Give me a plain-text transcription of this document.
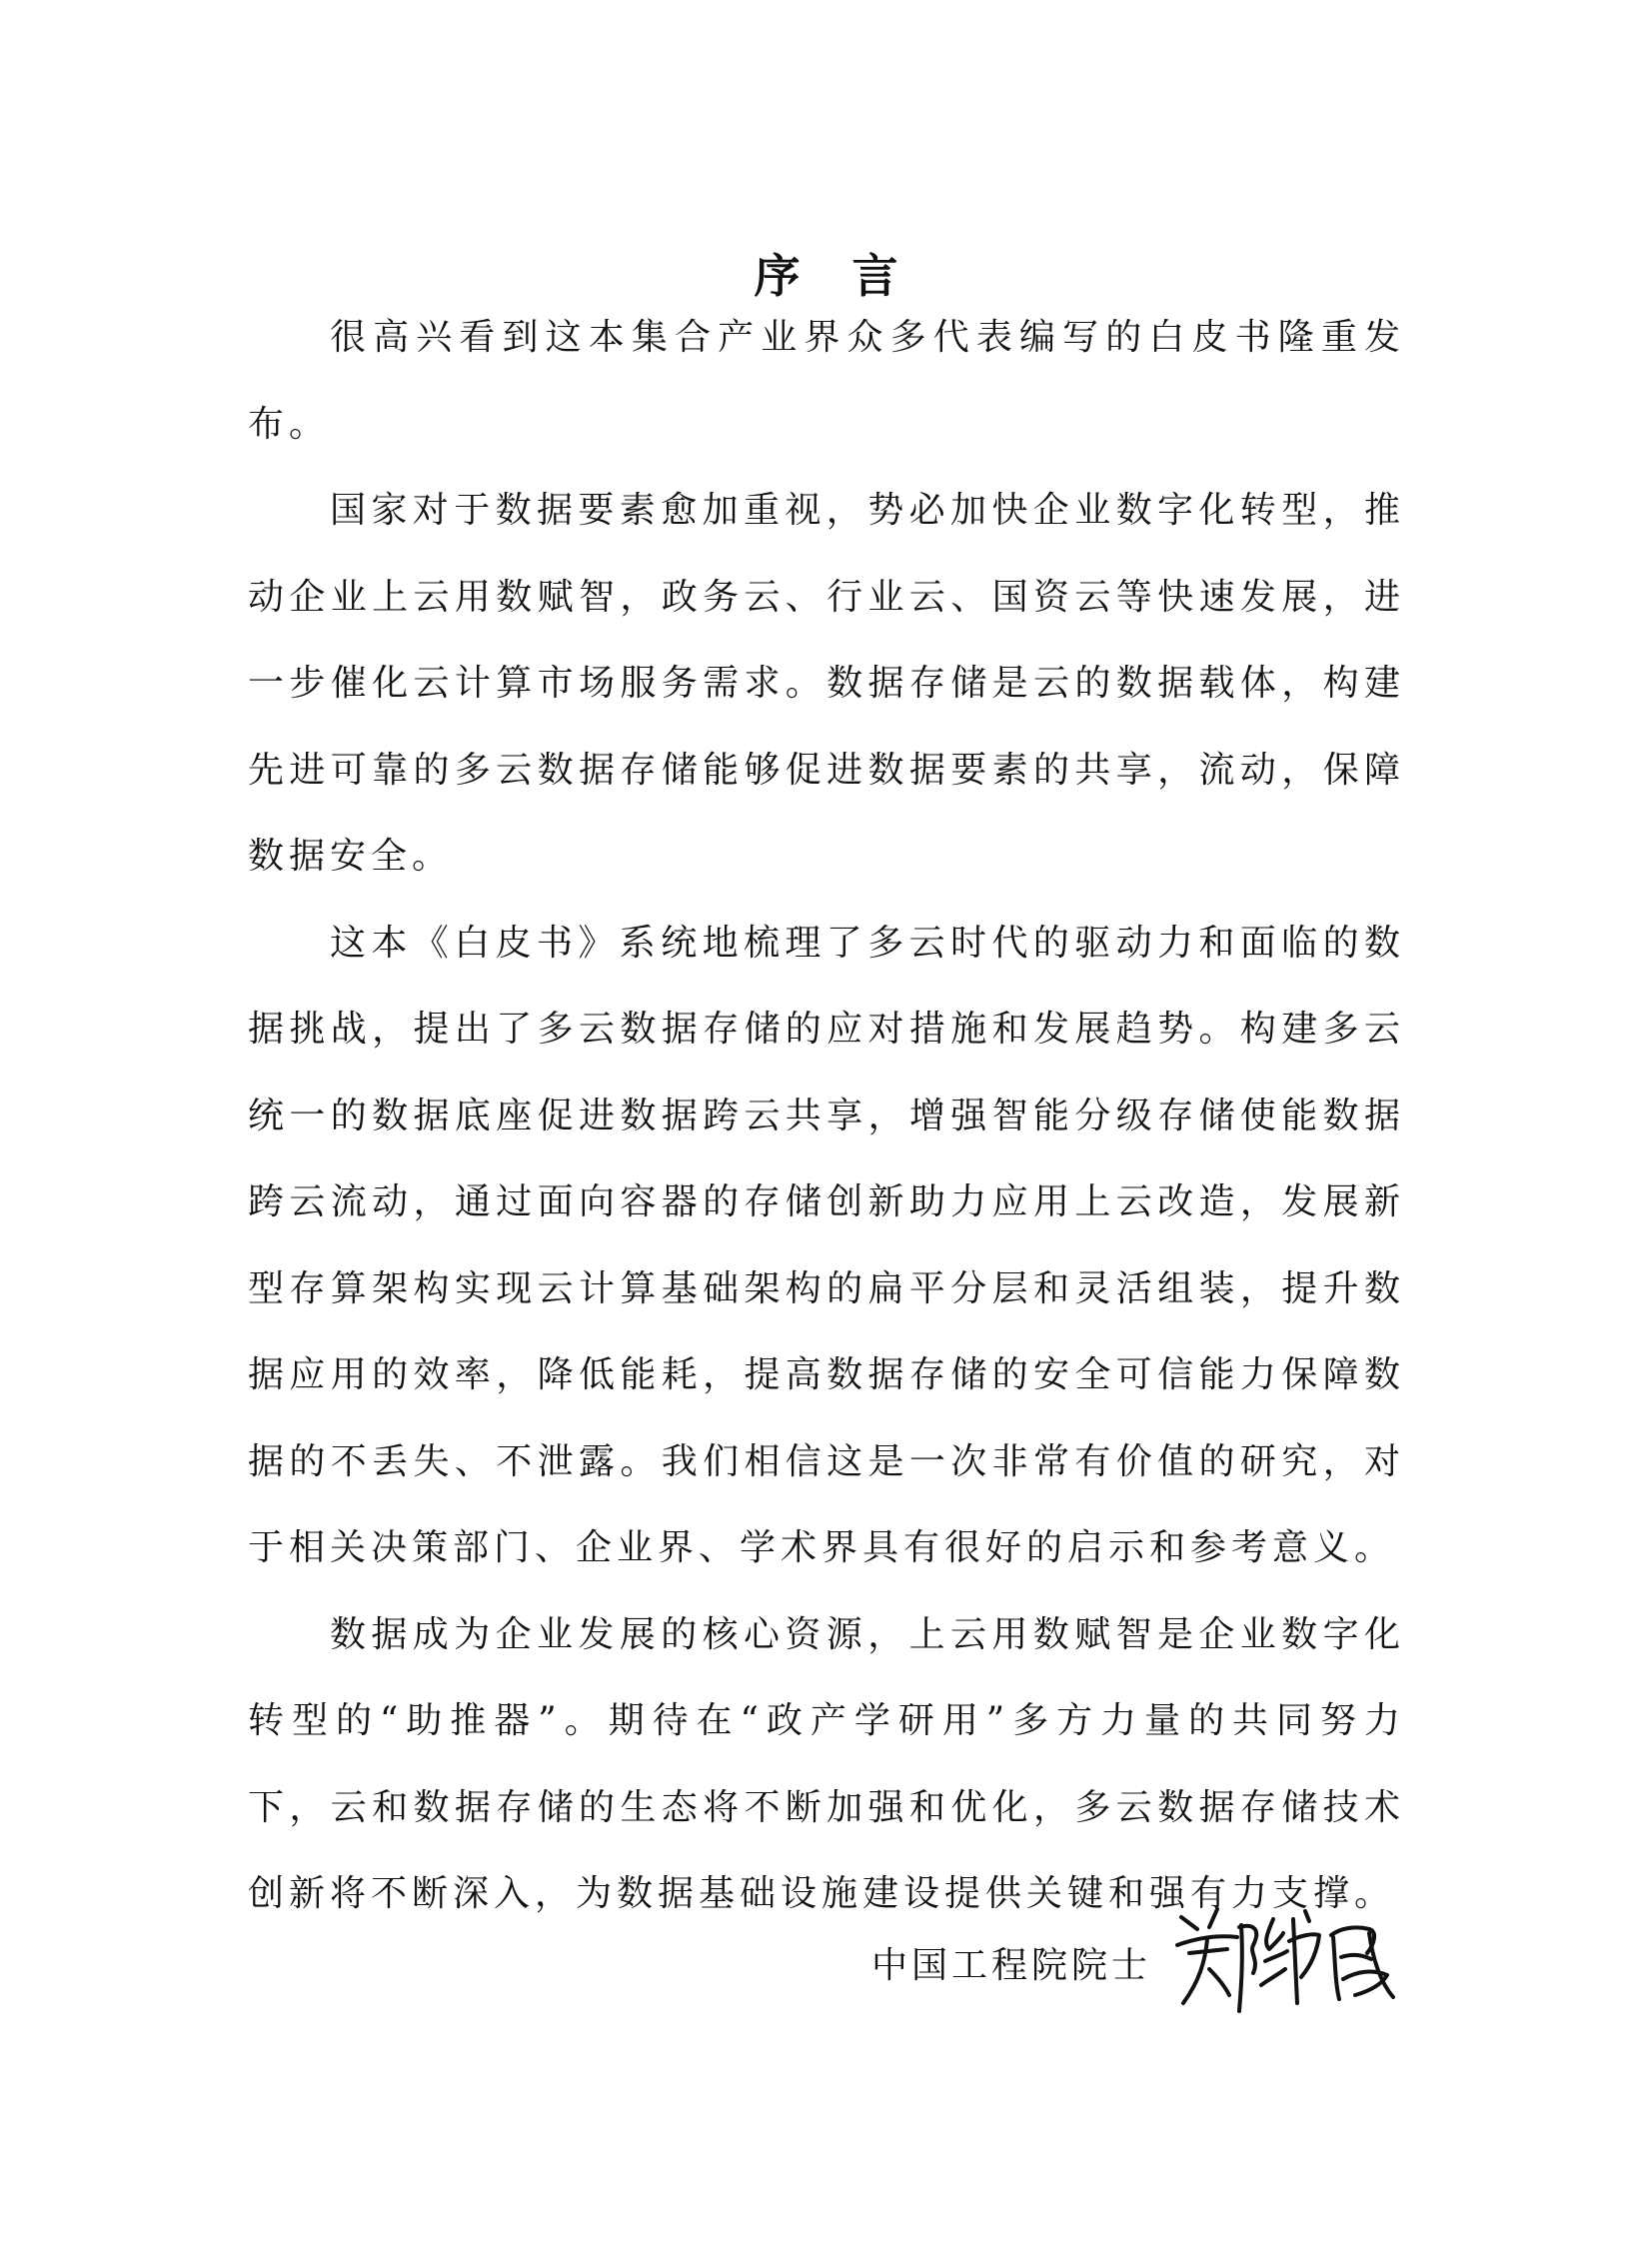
序言

很高兴看到这本集合产业界众多代表编写的白皮书隆重发布。

国家对于数据要素愈加重视，势必加快企业数字化转型，推动企业上云用数赋智，政务云、行业云、国资云等快速发展，进一步催化云计算市场服务需求。数据存储是云的数据载体，构建先进可靠的多云数据存储能够促进数据要素的共享，流动，保障数据安全。

这本《白皮书》系统地梳理了多云时代的驱动力和面临的数据挑战，提出了多云数据存储的应对措施和发展趋势。构建多云统一的数据底座促进数据跨云共享，增强智能分级存储使能数据跨云流动，通过面向容器的存储创新助力应用上云改造，发展新型存算架构实现云计算基础架构的扁平分层和灵活组装，提升数据应用的效率，降低能耗，提高数据存储的安全可信能力保障数据的不丢失、不泄露。我们相信这是一次非常有价值的研究，对于相关决策部门、企业界、学术界具有很好的启示和参考意义。

数据成为企业发展的核心资源，上云用数赋智是企业数字化转型的“助推器”。期待在“政产学研用”多方力量的共同努力下，云和数据存储的生态将不断加强和优化，多云数据存储技术创新将不断深入，为数据基础设施建设提供关键和强有力支撑。

中国工程院院士
